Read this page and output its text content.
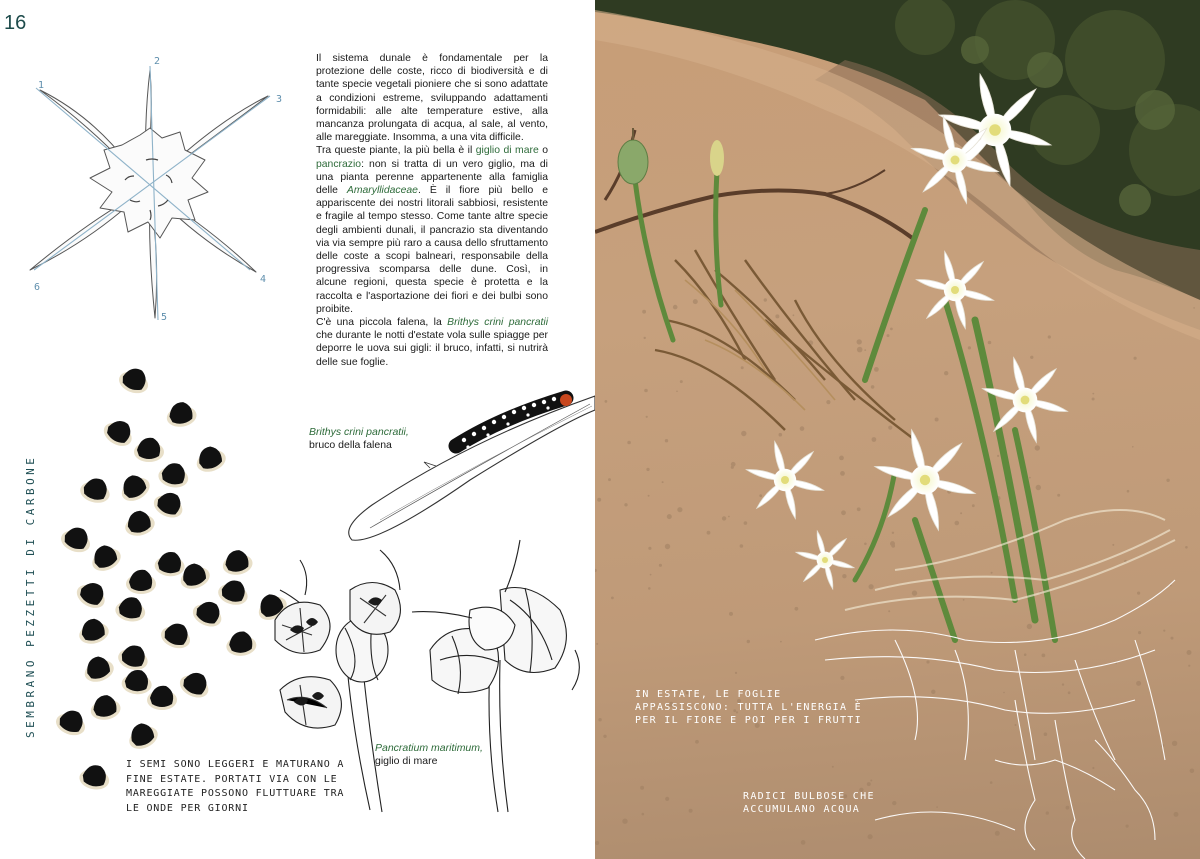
16
1
2
3
4
5
6

Il sistema dunale è fondamentale per la protezione delle coste, ricco di biodiversità e di tante specie vegetali pioniere che si sono adattate a condizioni estreme, sviluppando adattamenti formidabili: alle alte temperature estive, alla mancanza prolungata di acqua, al sale, al vento, alle mareggiate. Insomma, a una vita difficile.

Tra queste piante, la più bella è il giglio di mare o pancrazio: non si tratta di un vero giglio, ma di una pianta perenne appartenente alla famiglia delle Amaryllidaceae. È il fiore più bello e appariscente dei nostri litorali sabbiosi, resistente e fragile al tempo stesso. Come tante altre specie degli ambienti dunali, il pancrazio sta diventando via via sempre più raro a causa dello sfruttamento delle coste a scopi balneari, responsabile della progressiva scomparsa delle dune. Così, in alcune regioni, questa specie è protetta e la raccolta e l'asportazione dei fiori e dei bulbi sono proibite.

C'è una piccola falena, la Brithys crini pancratii che durante le notti d'estate vola sulle spiagge per deporre le uova sui gigli: il bruco, infatti, si nutrirà delle sue foglie.

SEMBRANO PEZZETTI DI CARBONE
I SEMI SONO LEGGERI E MATURANO A FINE ESTATE. PORTATI VIA CON LE MAREGGIATE POSSONO FLUTTUARE TRA LE ONDE PER GIORNI
Brithys crini pancratii,
bruco della falena
Pancratium maritimum,
giglio di mare
IN ESTATE, LE FOGLIE APPASSISCONO: TUTTA L'ENERGIA È PER IL FIORE E POI PER I FRUTTI
RADICI BULBOSE CHE ACCUMULANO ACQUA
